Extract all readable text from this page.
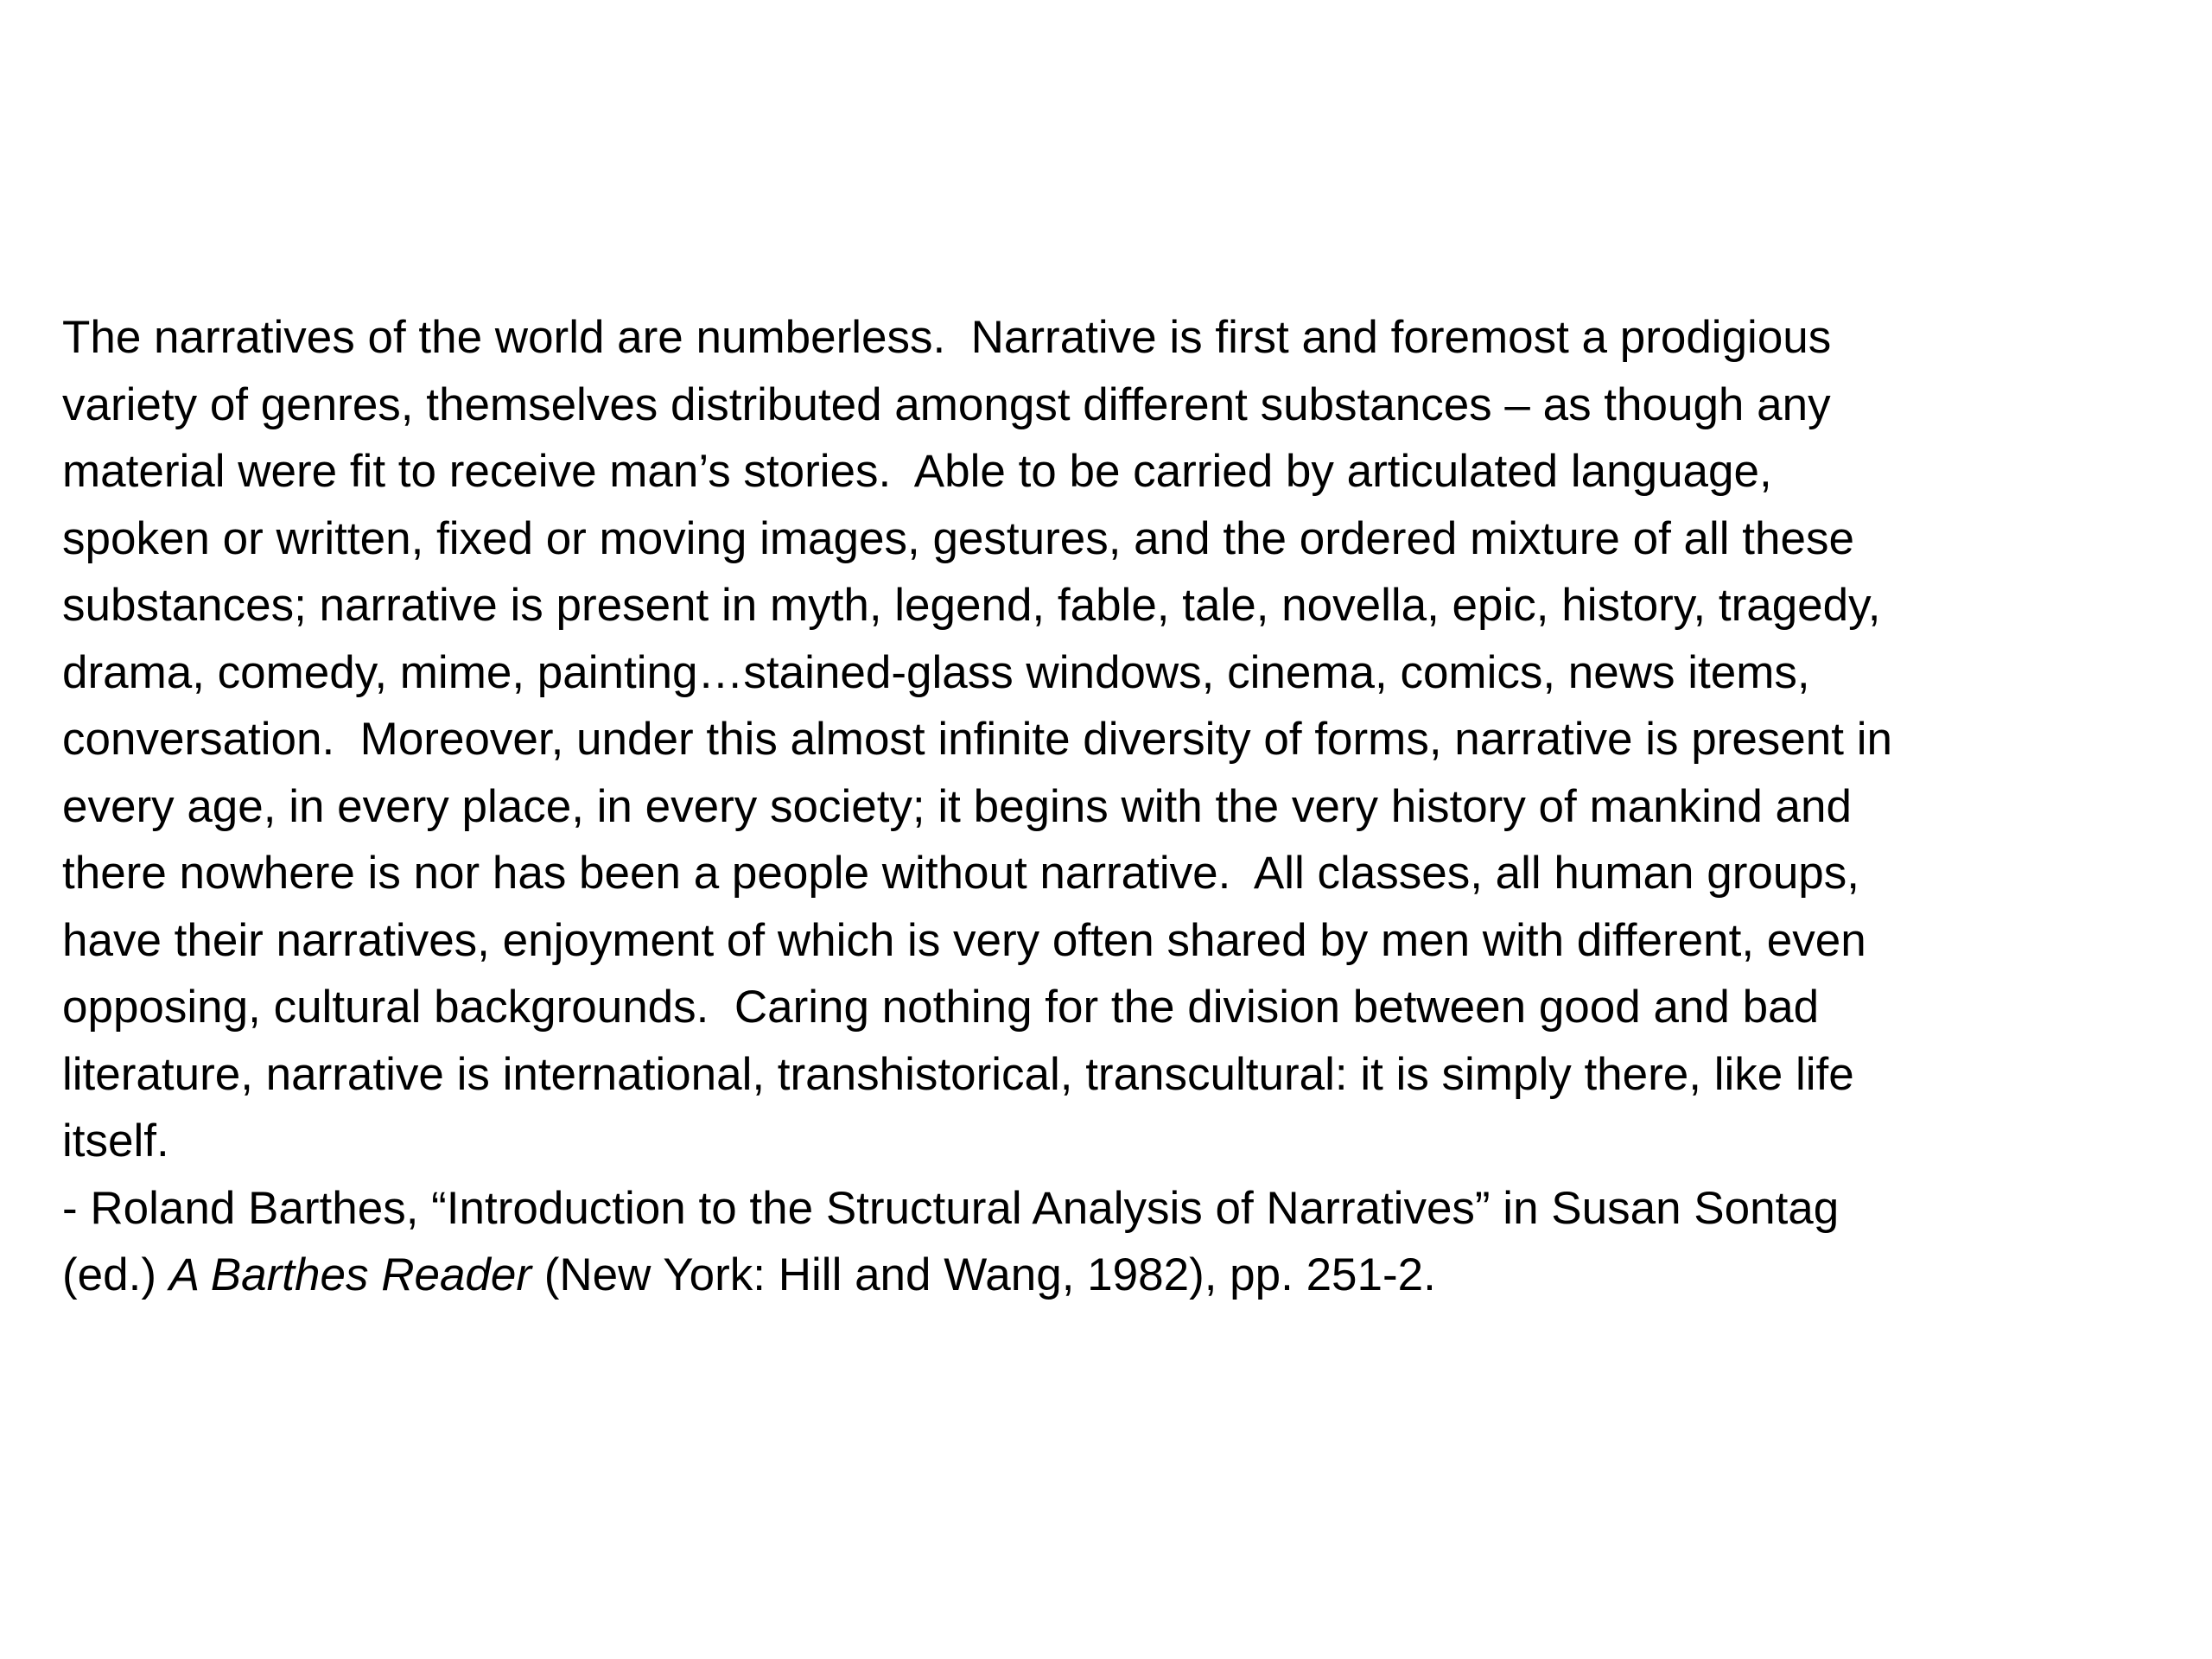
The narratives of the world are numberless.  Narrative is first and foremost a prodigious
variety of genres, themselves distributed amongst different substances – as though any
material were fit to receive man’s stories.  Able to be carried by articulated language,
spoken or written, fixed or moving images, gestures, and the ordered mixture of all these
substances; narrative is present in myth, legend, fable, tale, novella, epic, history, tragedy,
drama, comedy, mime, painting…stained-glass windows, cinema, comics, news items,
conversation.  Moreover, under this almost infinite diversity of forms, narrative is present in
every age, in every place, in every society; it begins with the very history of mankind and
there nowhere is nor has been a people without narrative.  All classes, all human groups,
have their narratives, enjoyment of which is very often shared by men with different, even
opposing, cultural backgrounds.  Caring nothing for the division between good and bad
literature, narrative is international, transhistorical, transcultural: it is simply there, like life
itself.
- Roland Barthes, “Introduction to the Structural Analysis of Narratives” in Susan Sontag
(ed.) A Barthes Reader (New York: Hill and Wang, 1982), pp. 251-2.
